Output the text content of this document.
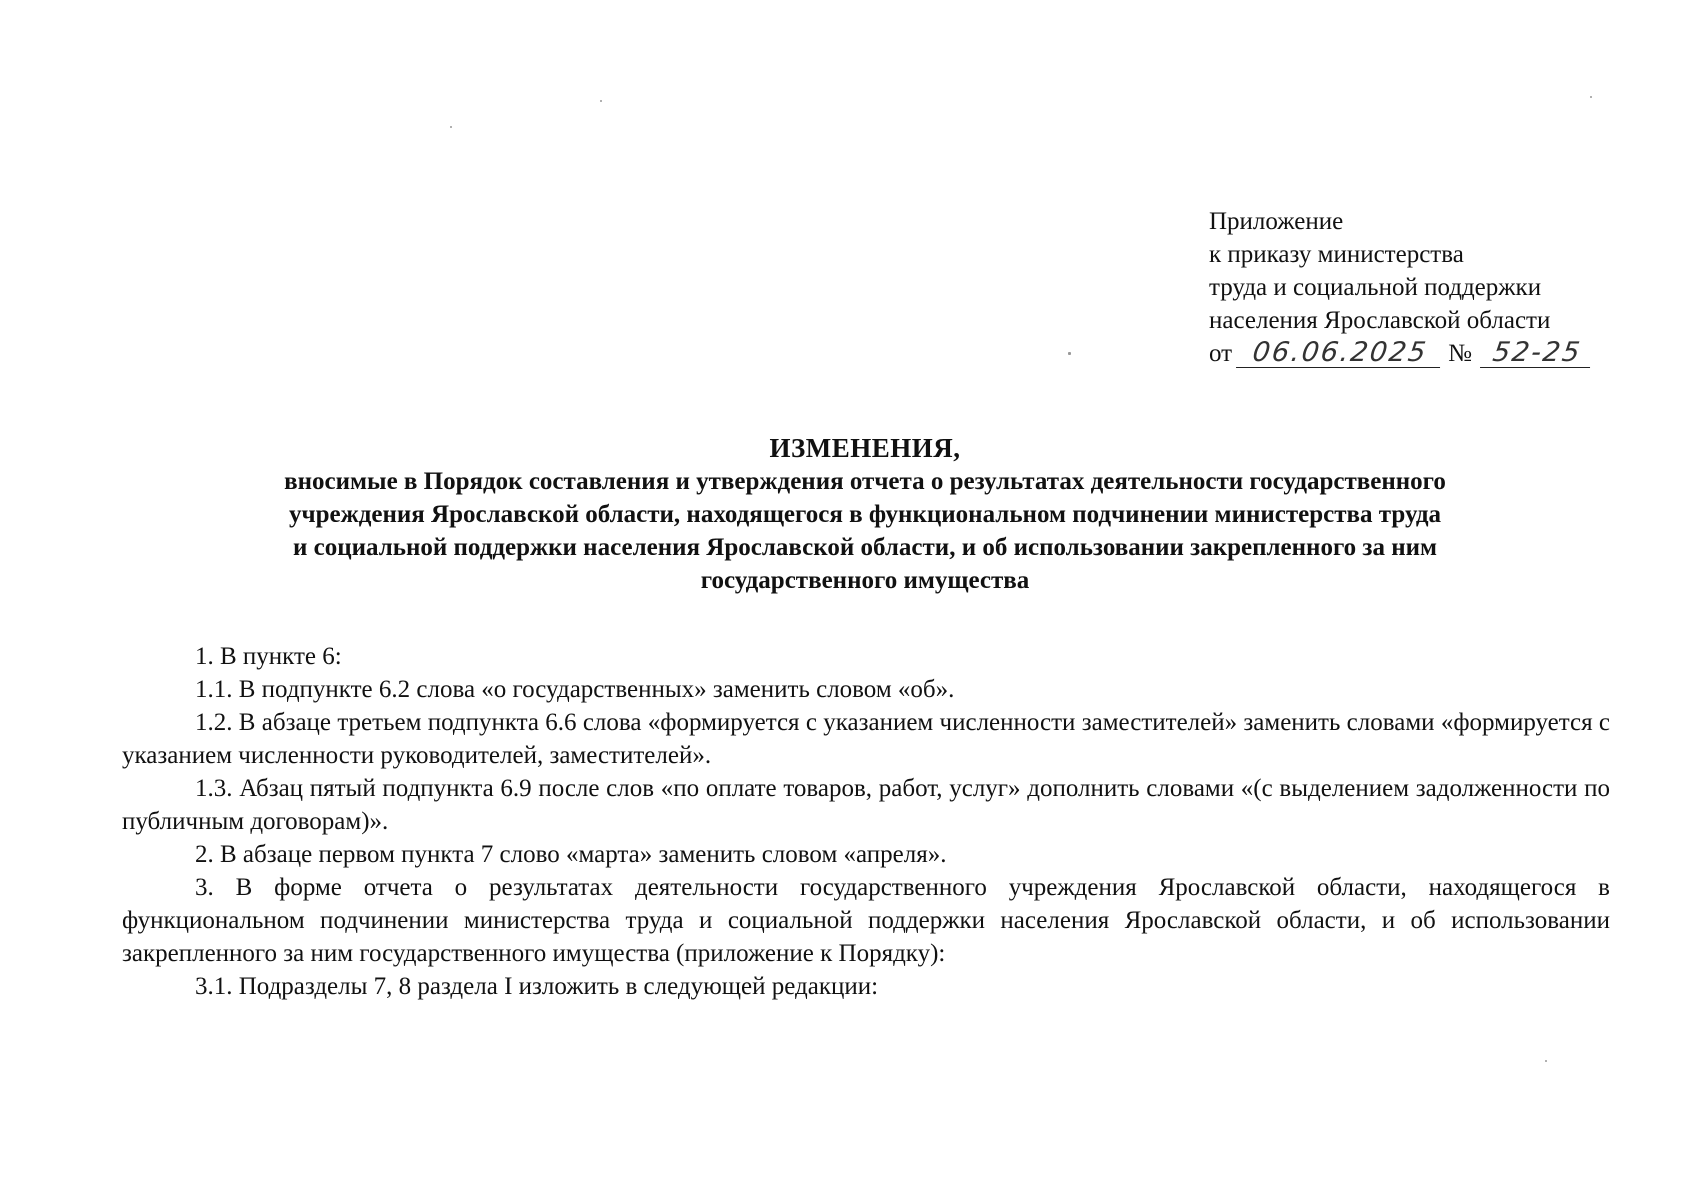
Приложение
к приказу министерства
труда и социальной поддержки
населения Ярославской области
от 06.06.2025 № 52-25
ИЗМЕНЕНИЯ,
вносимые в Порядок составления и утверждения отчета о результатах деятельности государственного
учреждения Ярославской области, находящегося в функциональном подчинении министерства труда
и социальной поддержки населения Ярославской области, и об использовании закрепленного за ним
государственного имущества

1. В пункте 6:

1.1. В подпункте 6.2 слова «о государственных» заменить словом «об».

1.2. В абзаце третьем подпункта 6.6 слова «формируется с указанием численности заместителей» заменить словами «формируется с указанием численности руководителей, заместителей».

1.3. Абзац пятый подпункта 6.9 после слов «по оплате товаров, работ, услуг» дополнить словами «(с выделением задолженности по публичным договорам)».

2. В абзаце первом пункта 7 слово «марта» заменить словом «апреля».

3. В форме отчета о результатах деятельности государственного учреждения Ярославской области, находящегося в функциональном подчинении министерства труда и социальной поддержки населения Ярославской области, и об использовании закрепленного за ним государственного имущества (приложение к Порядку):

3.1. Подразделы 7, 8 раздела I изложить в следующей редакции:
